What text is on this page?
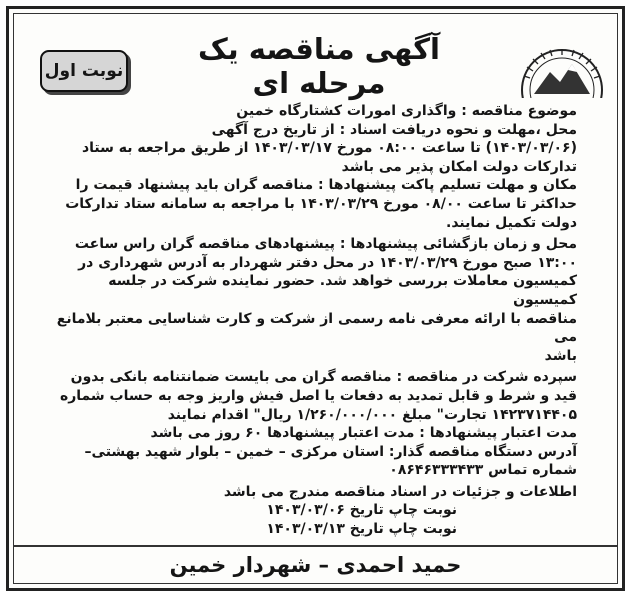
نوبت اول
آگهی مناقصه یک مرحله ای

موضوع مناقصه : واگذاری امورات کشتارگاه خمین

محل ،مهلت و نحوه دریافت اسناد : از تاریخ درج آگهی

(۱۴۰۳/۰۳/۰۶) تا ساعت ۰۸:۰۰ مورخ ۱۴۰۳/۰۳/۱۷ از طریق مراجعه به ستاد

تدارکات دولت امکان پذیر می باشد

مکان و مهلت تسلیم پاکت پیشنهادها : مناقصه گران باید پیشنهاد قیمت را

حداکثر تا ساعت ۰۸/۰۰ مورخ ۱۴۰۳/۰۳/۲۹ با مراجعه به سامانه ستاد تدارکات

دولت تکمیل نمایند.

محل و زمان بازگشائی پیشنهادها : پیشنهادهای مناقصه گران راس ساعت

۱۳:۰۰ صبح مورخ ۱۴۰۳/۰۳/۲۹ در محل دفتر شهردار به آدرس شهرداری در

کمیسیون معاملات بررسی خواهد شد. حضور نماینده شرکت در جلسه کمیسیون

مناقصه با ارائه معرفی نامه رسمی از شرکت و کارت شناسایی معتبر بلامانع می

باشد

سپرده شرکت در مناقصه : مناقصه گران می بایست ضمانتنامه بانکی بدون

قید و شرط و قابل تمدید به دفعات یا اصل فیش واریز وجه به حساب شماره

۱۴۲۳۷۱۴۴۰۵ تجارت" مبلغ ۱/۲۶۰/۰۰۰/۰۰۰ ریال" اقدام نمایند

مدت اعتبار پیشنهادها : مدت اعتبار پیشنهادها ۶۰ روز می باشد

آدرس دستگاه مناقصه گذار: استان مرکزی – خمین – بلوار شهید بهشتی–

شماره تماس ۰۸۶۴۶۳۳۳۴۳۳

اطلاعات و جزئیات در اسناد مناقصه مندرج می باشد

نوبت چاپ تاریخ ۱۴۰۳/۰۳/۰۶

نوبت چاپ تاریخ ۱۴۰۳/۰۳/۱۳

حمید احمدی – شهردار خمین
